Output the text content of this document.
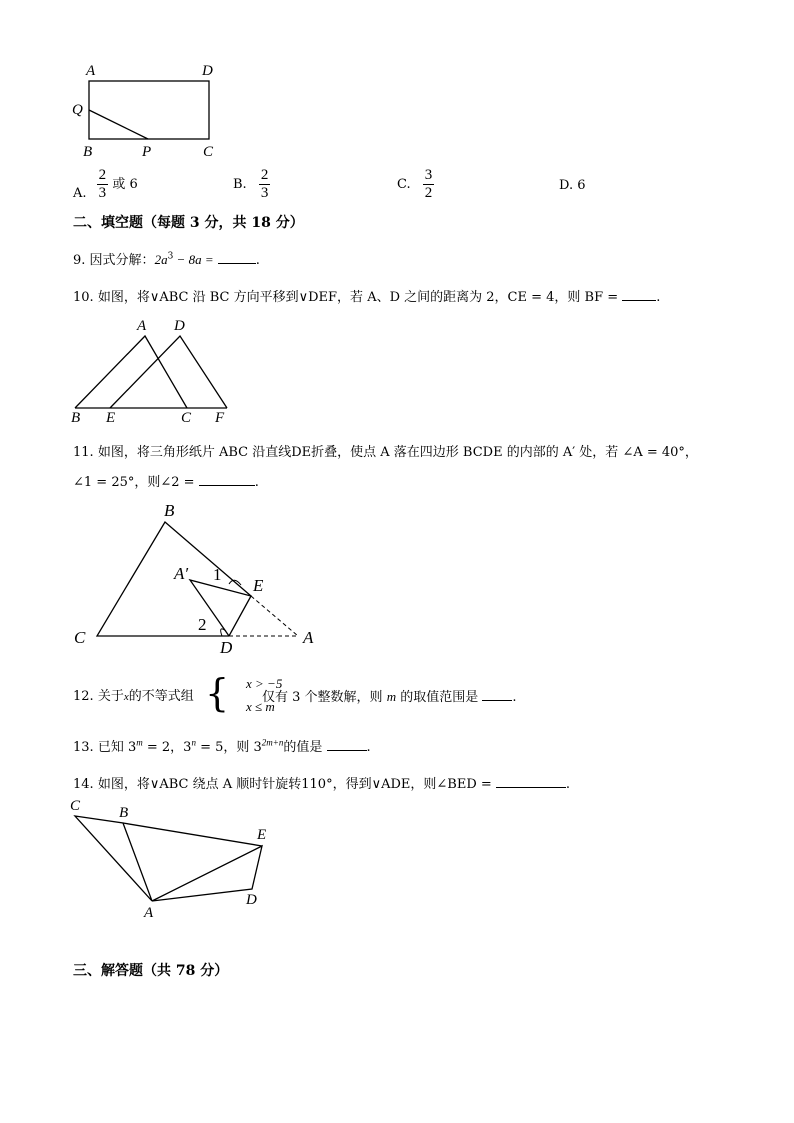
A	D
Q
B	P	C
A. $\frac{2}{3}$ 或 6	B. $\frac{2}{3}$	C. $\frac{3}{2}$	D. 6
二、填空题（每题 3 分，共 18 分）
9. 因式分解：$2a^3 - 8a$ =	.
10. 如图，将∨ABC 沿 BC 方向平移到∨DEF，若 A、D 之间的距离为 2，CE = 4，则 BF =	.
A D
B E	C F
11. 如图，将三角形纸片 ABC 沿直线DE折叠，使点 A 落在四边形 BCDE 的内部的 A′ 处，若 ∠A = 40°，
∠1 = 25°，则∠2 =	.
B
A′ 1
E
2
C
D
A
12. 关于x的不等式组 { x > −5
x ≤ m
仅有 3 个整数解，则 m 的取值范围是	.
13. 已知 $3^m = 2$，$3^n = 5$，则 $3^{2m+n}$的值是	.
14. 如图，将∨ABC 绕点 A 顺时针旋转110°，得到∨ADE，则∠BED =	.
C	B
E
A
D
三、解答题（共 78 分）
